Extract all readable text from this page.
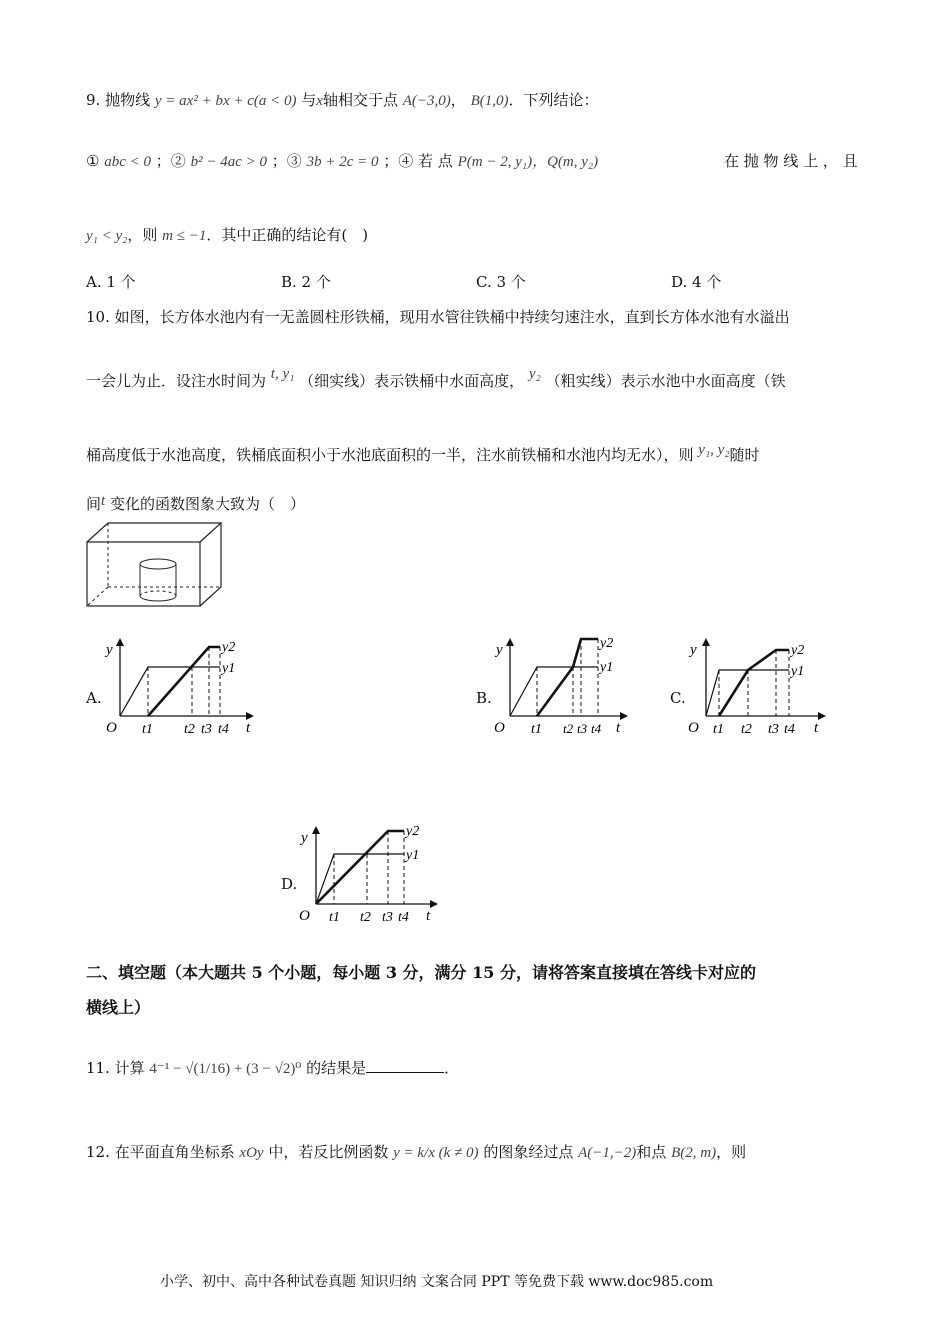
9. 抛物线 y = ax² + bx + c(a < 0) 与x轴相交于点 A(−3,0)， B(1,0)．下列结论：
① abc < 0 ；② b² − 4ac > 0 ；③ 3b + 2c = 0 ；④ 若 点 P(m − 2, y₁)，Q(m, y₂)	在 抛 物 线 上 ， 且
y₁ < y₂，则 m ≤ −1．其中正确的结论有(　)
A. 1 个	B. 2 个	C. 3 个	D. 4 个
10. 如图，长方体水池内有一无盖圆柱形铁桶，现用水管往铁桶中持续匀速注水，直到长方体水池有水溢出
一会儿为止．设注水时间为 t, y₁ （细实线）表示铁桶中水面高度， y₂ （粗实线）表示水池中水面高度（铁
桶高度低于水池高度，铁桶底面积小于水池底面积的一半，注水前铁桶和水池内均无水），则 y₁, y₂随时
间t 变化的函数图象大致为（　）
A.	B.	C.
D.
y
O	t
y2
y1
t1 t2 t3 t4
y
O	t
y2
y1
t1 t2 t3 t4
y
O	t
y2
y1
t1 t2 t3 t4
y
O	t
y2
y1
t1 t2 t3 t4
二、填空题（本大题共 5 个小题，每小题 3 分，满分 15 分，请将答案直接填在答线卡对应的
横线上）
11. 计算 4⁻¹ − √(1/16) + (3 − √2)⁰ 的结果是	．
12. 在平面直角坐标系 xOy 中，若反比例函数 y = k/x (k ≠ 0) 的图象经过点 A(−1,−2)和点 B(2, m)，则
小学、初中、高中各种试卷真题 知识归纳 文案合同 PPT 等免费下载 www.doc985.com
